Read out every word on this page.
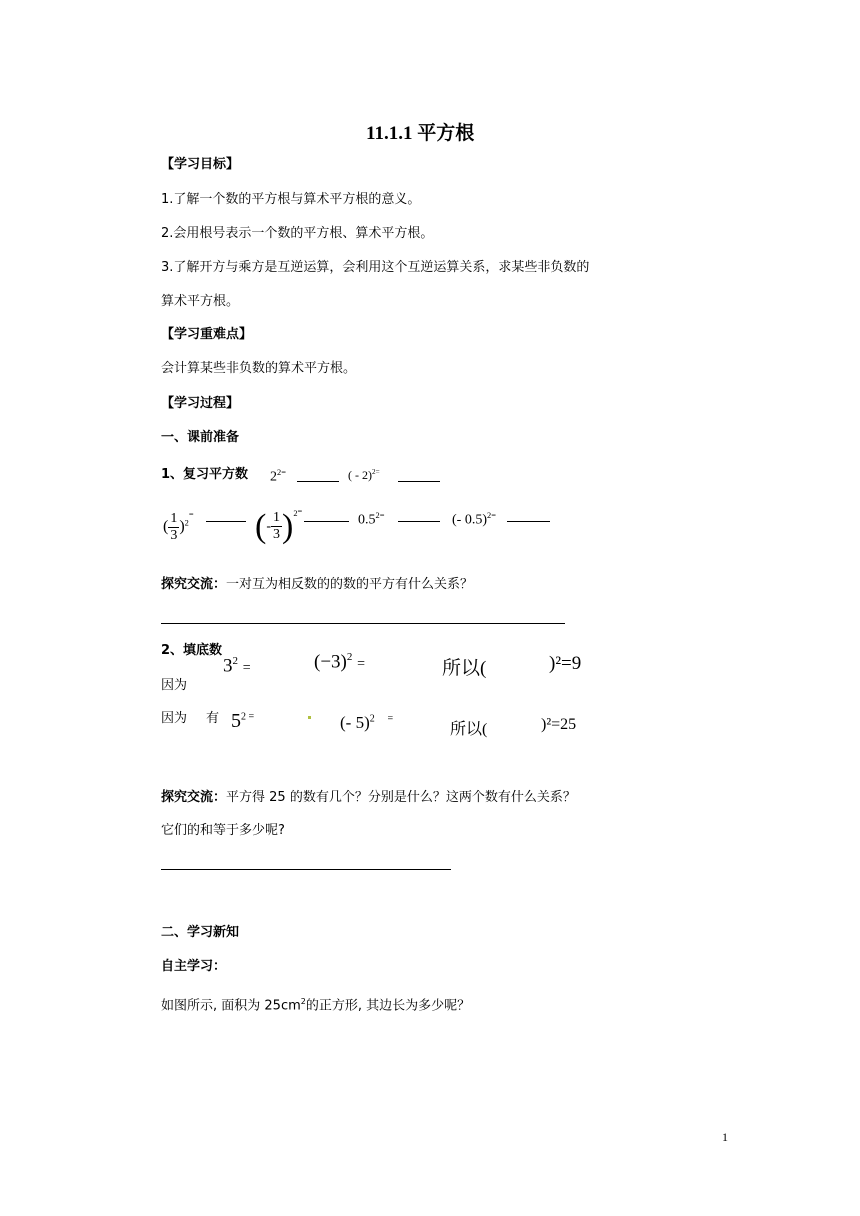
11.1.1 平方根
【学习目标】
1.了解一个数的平方根与算术平方根的意义。
2.会用根号表示一个数的平方根、算术平方根。
3.了解开方与乘方是互逆运算，会利用这个互逆运算关系，求某些非负数的
算术平方根。
【学习重难点】
会计算某些非负数的算术平方根。
【学习过程】
一、课前准备
1、复习平方数 $2^{2=}$	( - 2)$^{2=}$
( $\frac{1}{3} )^{2=}$ (- $\frac{1}{3} )^{2=}$
$0.5^{2=}$	(- 0.5)$^{2=}$
探究交流：一对互为相反数的的数的平方有什么关系？
2、填底数
因为
$3^2$ =	$(-3)^2$ =	所以(	)²=9
因为 有 $5^2$ =	(- 5)$^2$ =
所以(	)²=25
探究交流：平方得 25 的数有几个？分别是什么？这两个数有什么关系？
它们的和等于多少呢?
二、学习新知
自主学习：
如图所示, 面积为 $25cm^2$的正方形, 其边长为多少呢？
1
